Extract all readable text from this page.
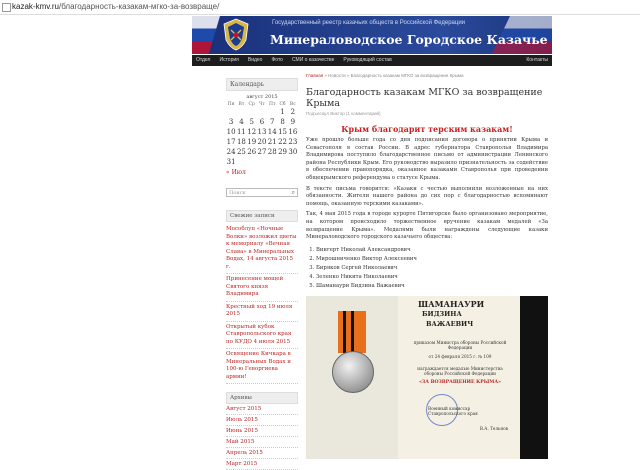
kazak-kmv.ru/благодарность-казакам-мгко-за-возвраще/
Государственный реестр казачьих обществ в Российской Федерации
Минераловодское Городское Казачье Общество
Отдел История Видео Фото СМИ о казачестве Руководящий состав	Контакты
Календарь
август 2015
Пн	Вт	Ср	Чт	Пт	Сб	Вс
					1	2
3	4	5	6	7	8	9
10	11	12	13	14	15	16
17	18	19	20	21	22	23
24	25	26	27	28	29	30
31						
« Июл
Поиск	⌕
Свежие записи
Мособлуп «Ночные Волки» возложил цветы к мемориалу «Вечная Слава» в Минеральных Водах, 14 августа 2015 г.
Принесение мощей Святого князя Владимира
Крестный ход 19 июля 2015
Открытый кубок Ставропольского края по КУДО 4 июля 2015
Освящение Кичкара в Минеральных Водах и 100-ю Геворгиева армии!
Архивы
Август 2015
Июль 2015
Июнь 2015
Май 2015
Апрель 2015
Март 2015
Главная » Новости » Благодарность казакам МГКО за возвращение Крыма
Благодарность казакам МГКО за возвращение Крыма
Подъесаул Виктор (1 комментарий)
Крым благодарит терским казакам!
Уже прошло больше года со дня подписания договора о принятии Крыма и Севастополя в состав России. В адрес губернатора Ставрополья Владимира Владимирова поступило благодарственное письмо от администрации Ленинского района Республики Крым. Его руководство выразило признательность за содействие в обеспечении правопорядка, оказанное казаками Ставрополья при проведении общекрымского референдума о статусе Крыма.
В тексте письма говорится: «Казаки с честью выполнили возложенные на них обязанности. Жители нашего района до сих пор с благодарностью вспоминают помощь, оказанную терскими казаками».
Так, 4 мая 2015 года в городе курорте Пятигорске было организовано мероприятие, на котором происходило торжественное вручение казакам медалей «За возвращение Крыма». Медалями были награждены следующие казаки Минераловодского городского казачьего общества:
1. Вингерт Николай Александрович
2. Мирошниченко Виктор Алексеевич
3. Биряков Сергей Николаевич
4. Зеленко Никита Николаевич
5. Шаманаури Бидзина Важаевич
ШАМАНАУРИ
БИДЗИНА
ВАЖАЕВИЧ
приказом Министра обороны Российской Федерации
от 24 февраля 2015 г. № 109
награждается медалью Министерства обороны Российской Федерации
«ЗА ВОЗВРАЩЕНИЕ КРЫМА»
Военный комиссар Ставропольского края
В.А. Тельнов
